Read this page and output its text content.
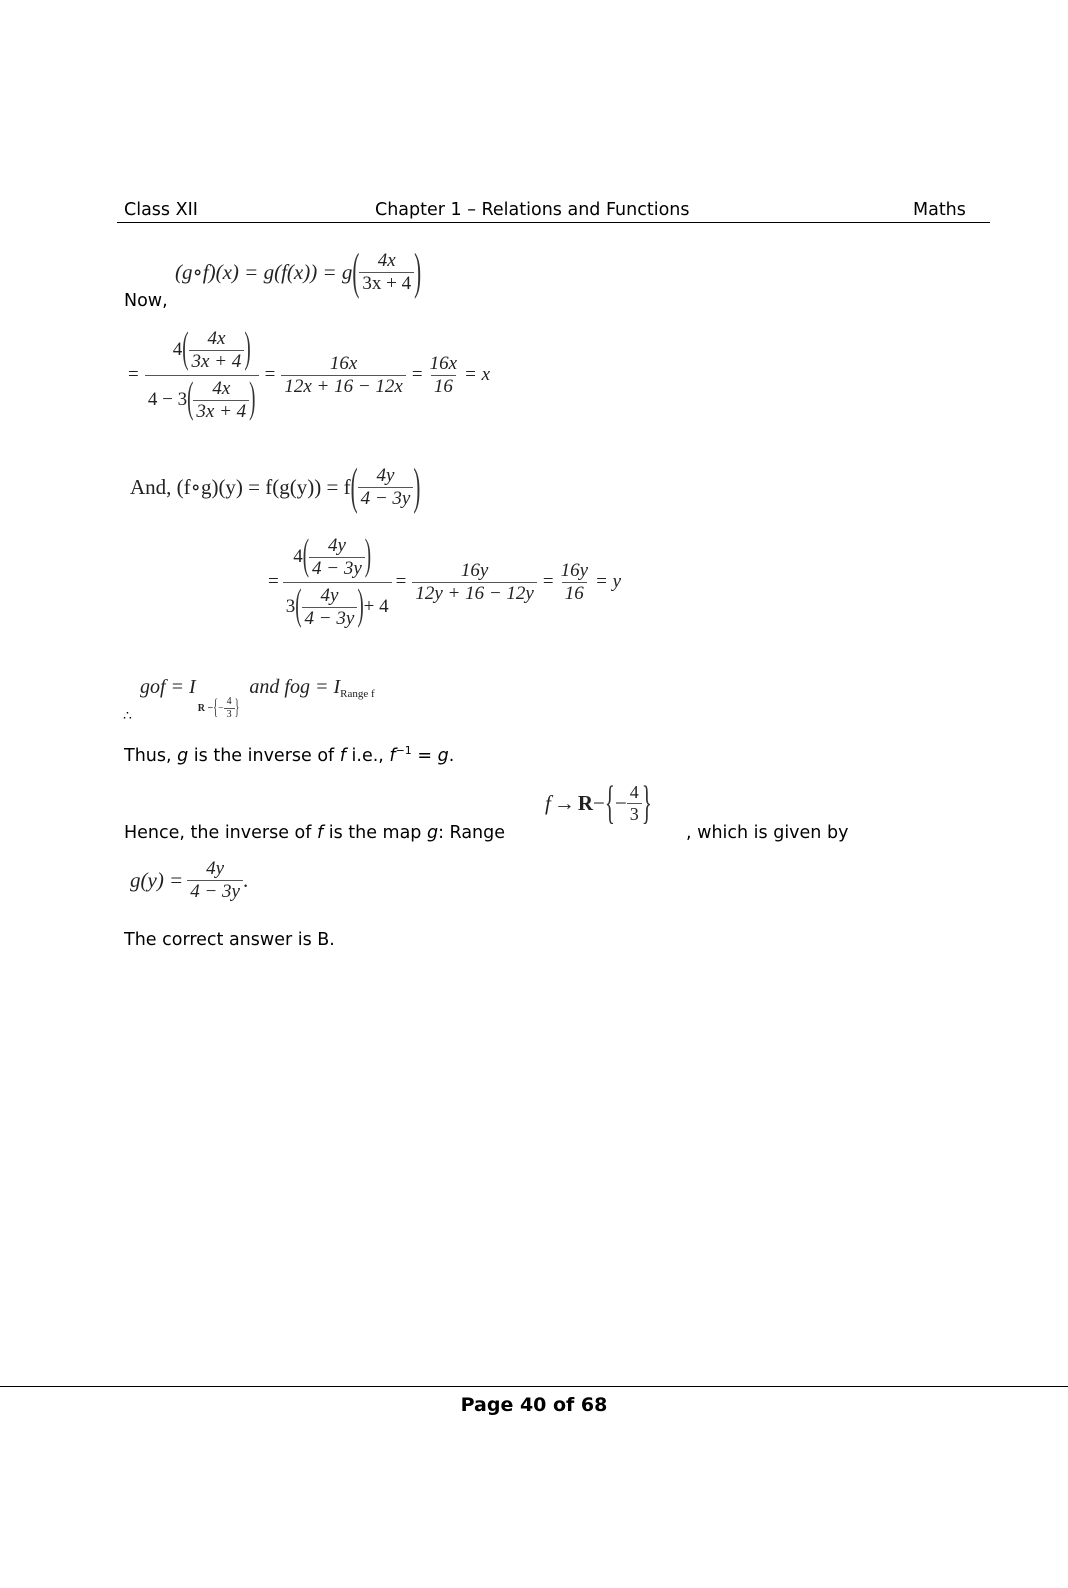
Class XII	Chapter 1 – Relations and Functions	Maths
Now,
(g∘f)(x) = g(f(x)) = g ( $\frac{4x}{3x + 4}$ )
= $\frac{4 ( \frac{4x}{3x + 4} )}{4 - 3 ( \frac{4x}{3x + 4} )} = \frac{16x}{12x + 16 - 12x} = \frac{16x}{16} = x$
And, (f∘g)(y) = f(g(y)) = f ( $\frac{4y}{4 - 3y}$ )
= $\frac{4 ( \frac{4y}{4 - 3y} )}{3 ( \frac{4y}{4 - 3y} ) + 4} = \frac{16y}{12y + 16 - 12y} = \frac{16y}{16} = y$
gof = I
R − { − $\frac{4}{3}$ }
and fog = I Range f
∴
Thus, g is the inverse of f i.e., $f^{-1} = g$.
Hence, the inverse of f is the map g: Range
f → R − { − $\frac{4}{3}$ }
, which is given by
$g(y) = \frac{4y}{4 - 3y}$ .
The correct answer is B.
Page 40 of 68
